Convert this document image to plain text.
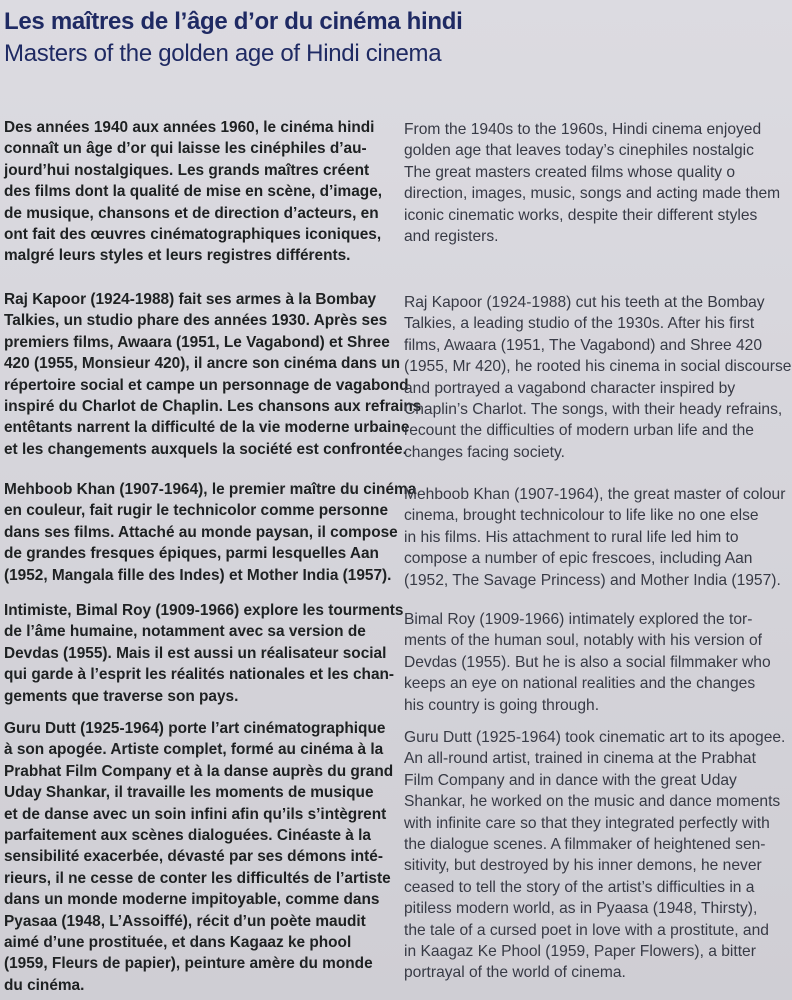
Les maîtres de l’âge d’or du cinéma hindi
Masters of the golden age of Hindi cinema
Des années 1940 aux années 1960, le cinéma hindi
connaît un âge d’or qui laisse les cinéphiles d’au-
jourd’hui nostalgiques. Les grands maîtres créent
des films dont la qualité de mise en scène, d’image,
de musique, chansons et de direction d’acteurs, en
ont fait des œuvres cinématographiques iconiques,
malgré leurs styles et leurs registres différents.
Raj Kapoor (1924-1988) fait ses armes à la Bombay
Talkies, un studio phare des années 1930. Après ses
premiers films, Awaara (1951, Le Vagabond) et Shree
420 (1955, Monsieur 420), il ancre son cinéma dans un
répertoire social et campe un personnage de vagabond
inspiré du Charlot de Chaplin. Les chansons aux refrains
entêtants narrent la difficulté de la vie moderne urbaine
et les changements auxquels la société est confrontée.
Mehboob Khan (1907-1964), le premier maître du cinéma
en couleur, fait rugir le technicolor comme personne
dans ses films. Attaché au monde paysan, il compose
de grandes fresques épiques, parmi lesquelles Aan
(1952, Mangala fille des Indes) et Mother India (1957).
Intimiste, Bimal Roy (1909-1966) explore les tourments
de l’âme humaine, notamment avec sa version de
Devdas (1955). Mais il est aussi un réalisateur social
qui garde à l’esprit les réalités nationales et les chan-
gements que traverse son pays.
Guru Dutt (1925-1964) porte l’art cinématographique
à son apogée. Artiste complet, formé au cinéma à la
Prabhat Film Company et à la danse auprès du grand
Uday Shankar, il travaille les moments de musique
et de danse avec un soin infini afin qu’ils s’intègrent
parfaitement aux scènes dialoguées. Cinéaste à la
sensibilité exacerbée, dévasté par ses démons inté-
rieurs, il ne cesse de conter les difficultés de l’artiste
dans un monde moderne impitoyable, comme dans
Pyasaa (1948, L’Assoiffé), récit d’un poète maudit
aimé d’une prostituée, et dans Kagaaz ke phool
(1959, Fleurs de papier), peinture amère du monde
du cinéma.
From the 1940s to the 1960s, Hindi cinema enjoyed
golden age that leaves today’s cinephiles nostalgic
The great masters created films whose quality o
direction, images, music, songs and acting made them
iconic cinematic works, despite their different styles
and registers.
Raj Kapoor (1924-1988) cut his teeth at the Bombay
Talkies, a leading studio of the 1930s. After his first
films, Awaara (1951, The Vagabond) and Shree 420
(1955, Mr 420), he rooted his cinema in social discourse
and portrayed a vagabond character inspired by
Chaplin’s Charlot. The songs, with their heady refrains,
recount the difficulties of modern urban life and the
changes facing society.
Mehboob Khan (1907-1964), the great master of colour
cinema, brought technicolour to life like no one else
in his films. His attachment to rural life led him to
compose a number of epic frescoes, including Aan
(1952, The Savage Princess) and Mother India (1957).
Bimal Roy (1909-1966) intimately explored the tor-
ments of the human soul, notably with his version of
Devdas (1955). But he is also a social filmmaker who
keeps an eye on national realities and the changes
his country is going through.
Guru Dutt (1925-1964) took cinematic art to its apogee.
An all-round artist, trained in cinema at the Prabhat
Film Company and in dance with the great Uday
Shankar, he worked on the music and dance moments
with infinite care so that they integrated perfectly with
the dialogue scenes. A filmmaker of heightened sen-
sitivity, but destroyed by his inner demons, he never
ceased to tell the story of the artist’s difficulties in a
pitiless modern world, as in Pyaasa (1948, Thirsty),
the tale of a cursed poet in love with a prostitute, and
in Kaagaz Ke Phool (1959, Paper Flowers), a bitter
portrayal of the world of cinema.
